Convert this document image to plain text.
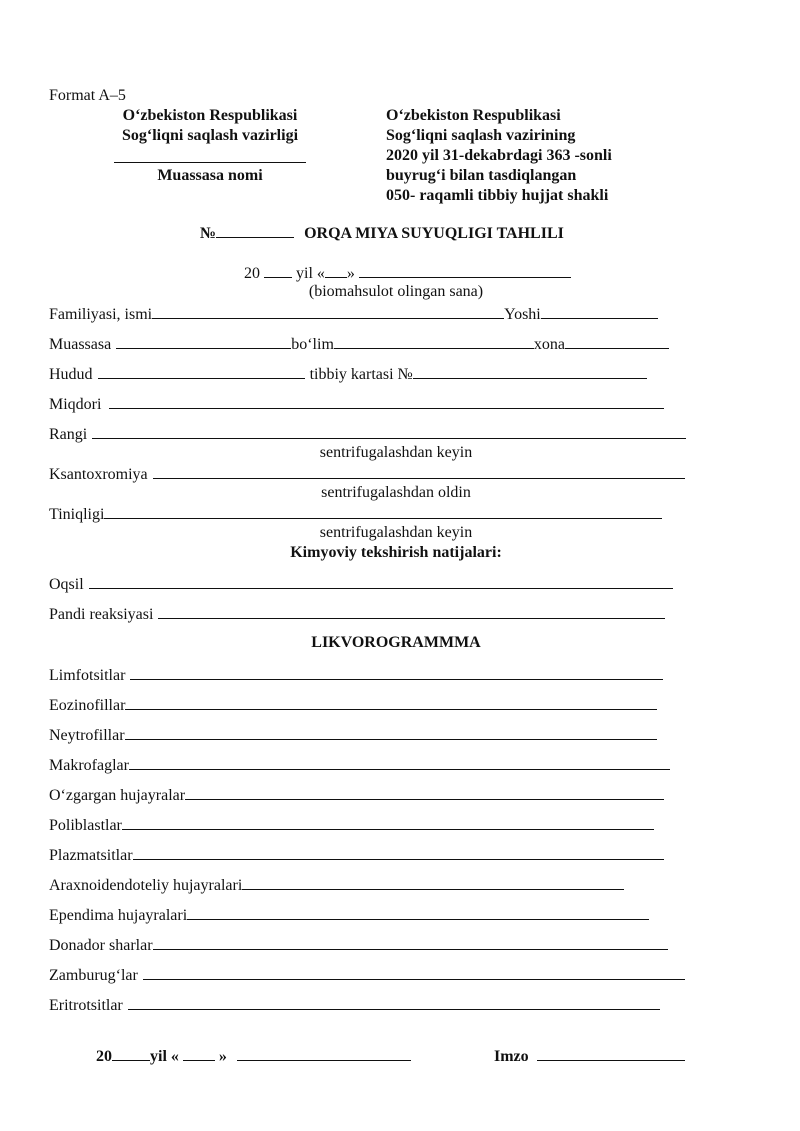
Format A–5
O‘zbekiston Respublikasi
Sog‘liqni saqlash vazirligi
Muassasa nomi
O‘zbekiston Respublikasi
Sog‘liqni saqlash vazirining
2020 yil 31-dekabrdagi 363 -sonli
buyrug‘i bilan tasdiqlangan
050- raqamli tibbiy hujjat shakli
№	ORQA MIYA SUYUQLIGI TAHLILI
20 yil « »
(biomahsulot olingan sana)
Familiyasi, ismi	Yoshi
Muassasa	bo‘lim	xona
Hudud	tibbiy kartasi №
Miqdori
Rangi
sentrifugalashdan keyin
Ksantoxromiya
sentrifugalashdan oldin
Tiniqligi
sentrifugalashdan keyin
Kimyoviy tekshirish natijalari:
Oqsil
Pandi reaksiyasi
LIKVOROGRAMMMA
Limfotsitlar
Eozinofillar
Neytrofillar
Makrofaglar
O‘zgargan hujayralar
Poliblastlar
Plazmatsitlar
Araxnoidendoteliy hujayralari
Ependima hujayralari
Donador sharlar
Zamburug‘lar
Eritrotsitlar
20 yil «	»	Imzo
